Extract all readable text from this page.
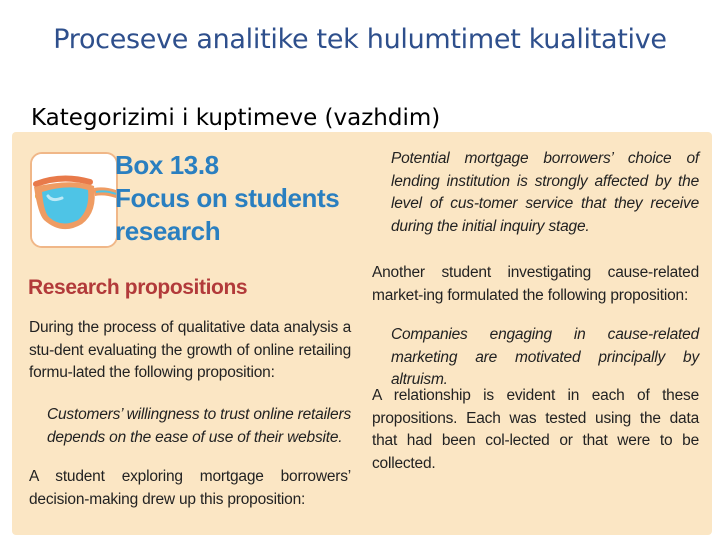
Proceseve analitike tek hulumtimet kualitative
Kategorizimi i kuptimeve (vazhdim)
Box 13.8
Focus on students research
Research propositions
During the process of qualitative data analysis a stu-dent evaluating the growth of online retailing formu-lated the following proposition:
Customers’ willingness to trust online retailers depends on the ease of use of their website.
A student exploring mortgage borrowers’ decision-making drew up this proposition:
Potential mortgage borrowers’ choice of lending institution is strongly affected by the level of cus-tomer service that they receive during the initial inquiry stage.
Another student investigating cause-related market-ing formulated the following proposition:
Companies engaging in cause-related marketing are motivated principally by altruism.
A relationship is evident in each of these propositions. Each was tested using the data that had been col-lected or that were to be collected.
